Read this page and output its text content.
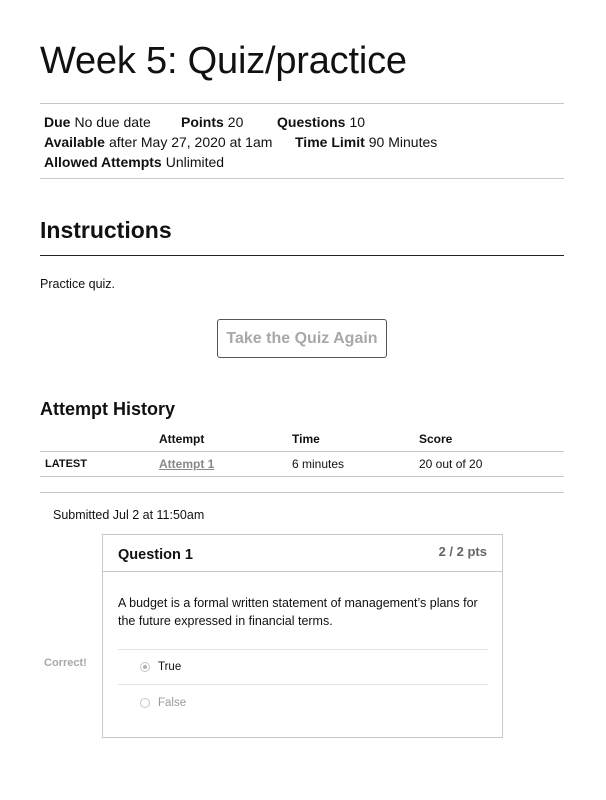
Week 5: Quiz/practice
Due No due date Points 20 Questions 10
Available after May 27, 2020 at 1am Time Limit 90 Minutes
Allowed Attempts Unlimited
Instructions

Practice quiz.

Take the Quiz Again
Attempt History
	Attempt	Time	Score
LATEST	Attempt 1	6 minutes	20 out of 20

Submitted Jul 2 at 11:50am

Correct!
Question 1	2 / 2 pts

A budget is a formal written statement of management’s plans for the future expressed in financial terms.

True
False
